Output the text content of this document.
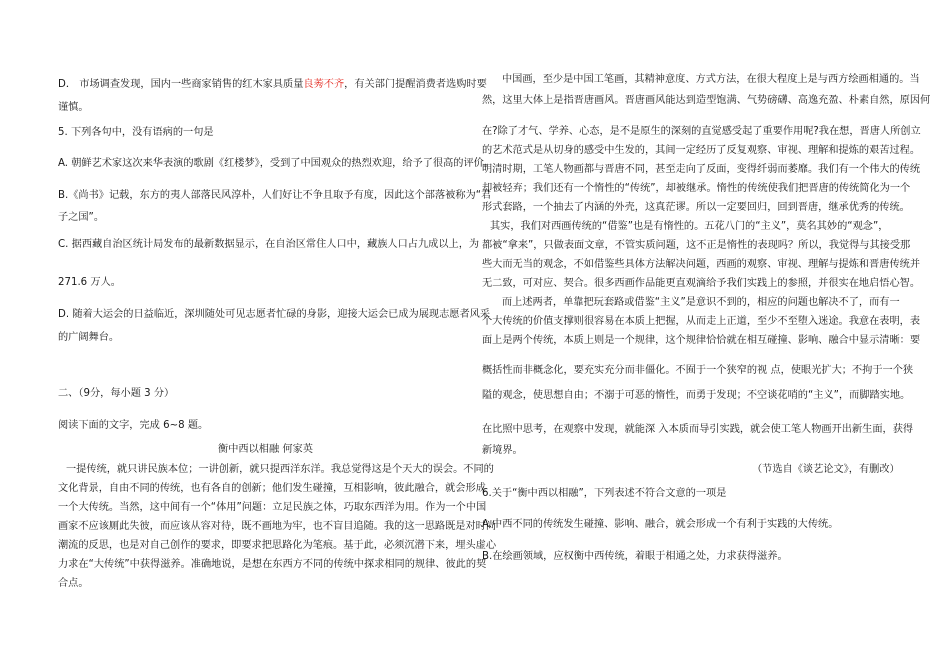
D． 市场调查发现，国内一些商家销售的红木家具质量良莠不齐，有关部门提醒消费者选购时要
谨慎。
5. 下列各句中，没有语病的一句是
A. 朝鲜艺术家这次来华表演的歌剧《红楼梦》，受到了中国观众的热烈欢迎，给予了很高的评价。
B.《尚书》记载，东方的夷人部落民风淳朴，人们好让不争且取予有度，因此这个部落被称为“君
子之国”。
C. 据西藏自治区统计局发布的最新数据显示，在自治区常住人口中，藏族人口占九成以上，为
271.6 万人。
D. 随着大运会的日益临近，深圳随处可见志愿者忙碌的身影，迎接大运会已成为展现志愿者风采
的广阔舞台。
二、（9分，每小题 3 分）
阅读下面的文字，完成 6~8 题。
衡中西以相融 何家英
一提传统，就只讲民族本位；一讲创新，就只提西洋东洋。我总觉得这是个天大的误会。不同的
文化背景，自由不同的传统，也有各自的创新；他们发生碰撞，互相影响，彼此融合，就会形成
一个大传统。当然，这中间有一个“体用”问题：立足民族之体，巧取东西洋为用。作为一个中国
画家不应该厕此失彼，而应该从容对待，既不画地为牢，也不盲目追随。我的这一思路既是对时尚
潮流的反思，也是对自己创作的要求，即要求把思路化为笔痕。基于此，必须沉潜下来，埋头虚心
力求在“大传统”中获得滋养。准确地说，是想在东西方不同的传统中探求相同的规律、彼此的契
合点。
中国画，至少是中国工笔画，其精神意度、方式方法，在很大程度上是与西方绘画相通的。当
然，这里大体上是指晋唐画风。晋唐画风能达到造型饱满、气势磅礴、高逸充盈、朴素自然，原因何
在?除了才气、学养、心态，是不是原生的深刻的直觉感受起了重要作用呢?我在想，晋唐人所创立
的艺术范式是从切身的感受中生发的，其间一定经历了反复观察、审视、理解和提炼的艰苦过程。
明清时期，工笔人物画都与晋唐不同，甚至走向了反面，变得纤弱而萎靡。我们有一个伟大的传统
却被轻弃；我们还有一个惰性的“传统”，却被继承。惰性的传统使我们把晋唐的传统简化为一个
形式套路，一个抽去了内涵的外壳，这真茫谬。所以一定要回归，回到晋唐，继承优秀的传统。
其实，我们对西画传统的“借鉴”也是有惰性的。五花八门的“主义”，莫名其妙的“观念”，
都被“拿来”，只做表面文章，不管实质问题，这不正是惰性的表现吗？所以，我觉得与其接受那
些大而无当的观念，不如借鉴些具体方法解决问题，西画的观察、审视、理解与提炼和晋唐传统并
无二致，可对应、契合。很多西画作品能更直观滴给予我们实践上的参照，并很实在地启悟心智。
而上述两者，单靠把玩套路或借鉴“主义”是意识不到的，相应的问题也解决不了，而有一
个大传统的价值支撑则很容易在本质上把握，从而走上正道，至少不至堕入迷途。我意在表明，表
面上是两个传统，本质上则是一个规律，这个规律恰恰就在相互碰撞、影响、融合中显示清晰：要
概括性而非概念化，要充实充分而非僵化。不囿于一个狭窄的视 点，使眼光扩大；不拘于一个狭
隘的观念，使思想自由；不溺于可恶的惰性，而勇于发现；不空谈花哨的“主义”，而脚踏实地。
在比照中思考，在观察中发现，就能深 入本质而导引实践，就会使工笔人物画开出新生面，获得
新境界。
（节选自《谈艺论文》，有删改）
6.关于“衡中西以相融”，下列表述不符合文意的一项是
A.中西不同的传统发生碰撞、影响、融合，就会形成一个有利于实践的大传统。
B.在绘画领域，应权衡中西传统，着眼于相通之处，力求获得滋养。
